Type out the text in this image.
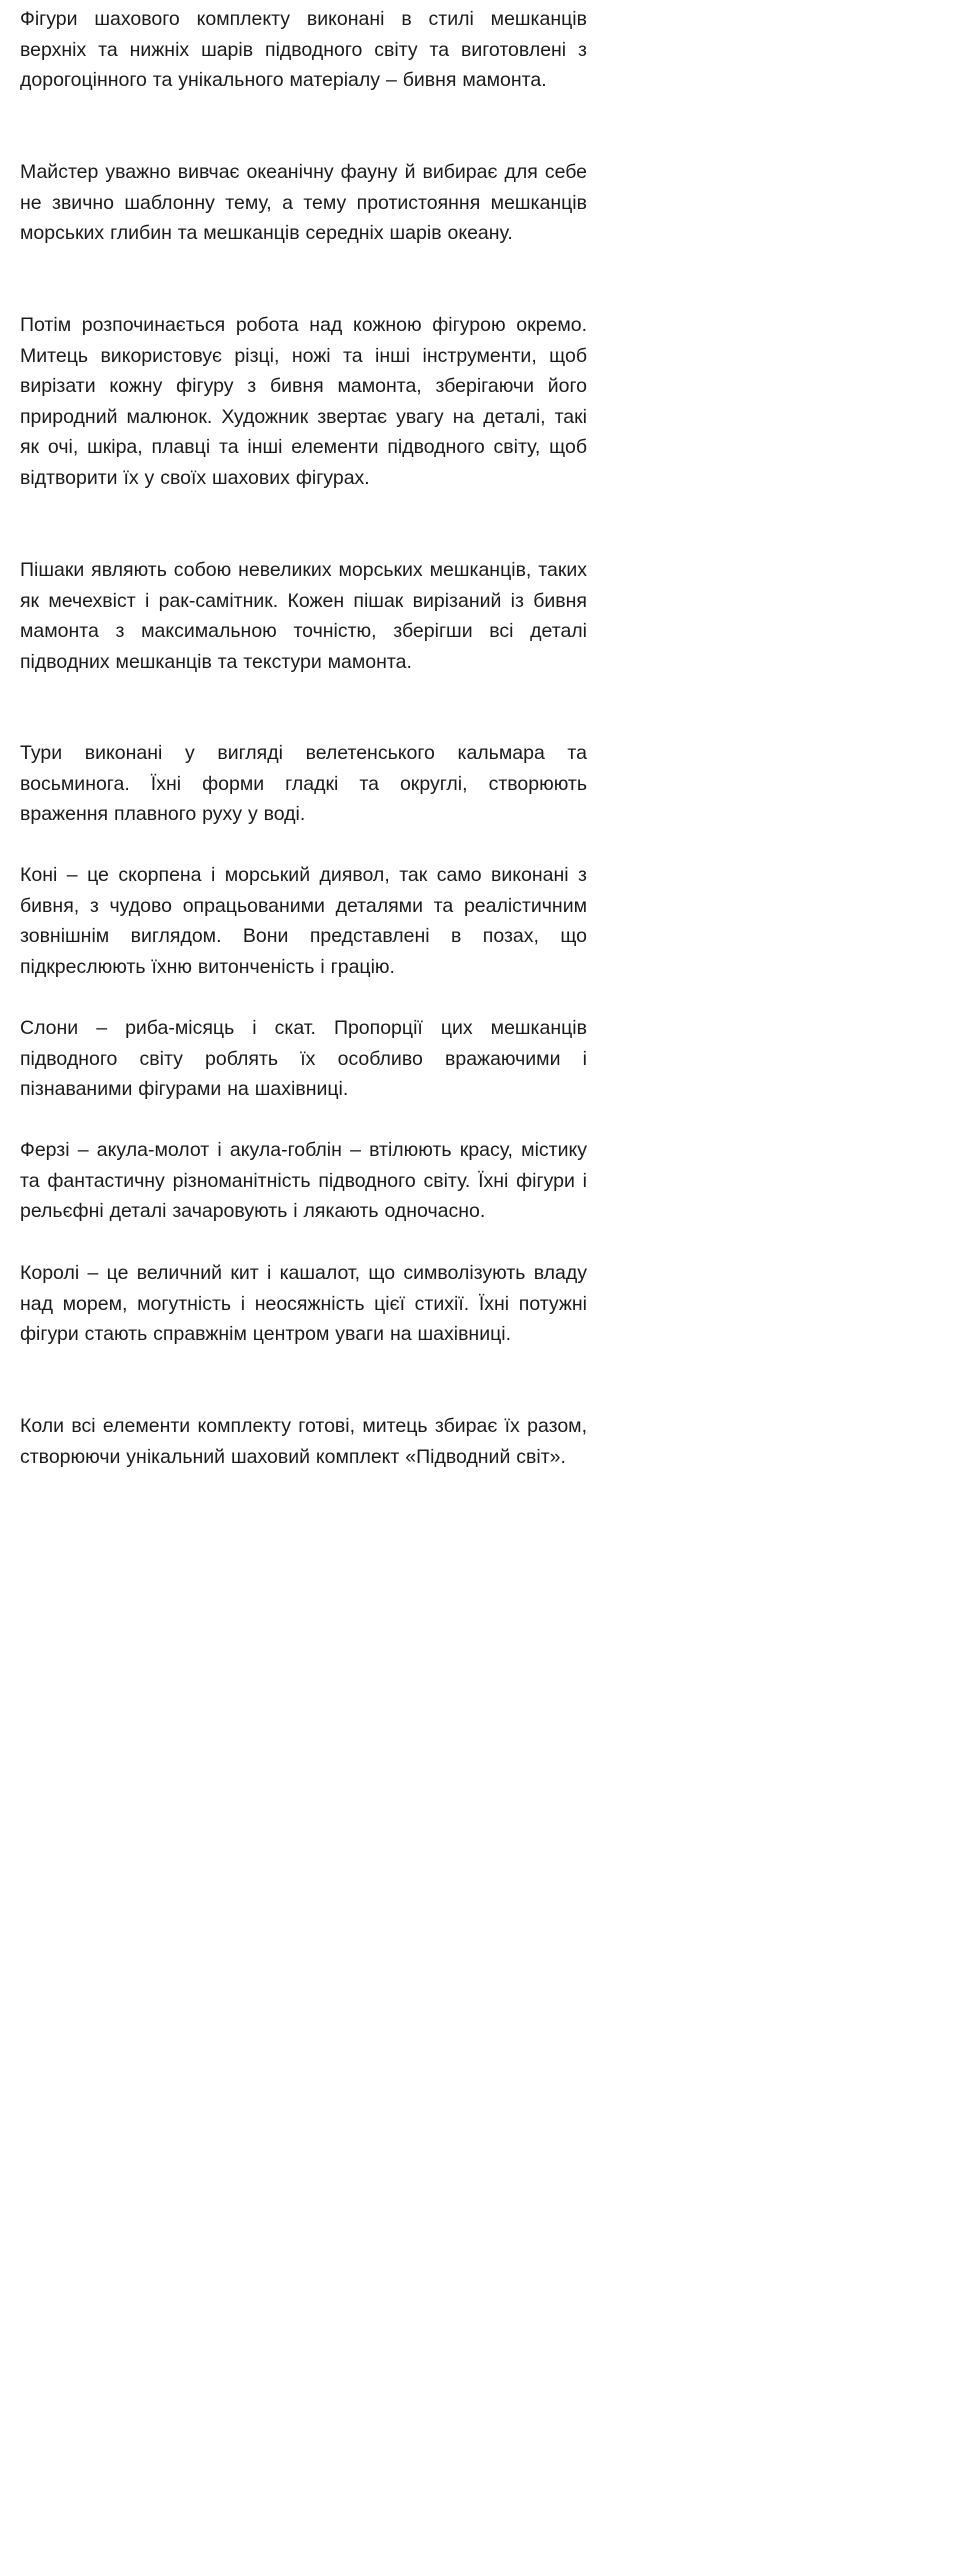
Фігури шахового комплекту виконані в стилі мешканців верхніх та нижніх шарів підводного світу та виготовлені з дорогоцінного та унікального матеріалу – бивня мамонта.

Майстер уважно вивчає океанічну фауну й вибирає для себе не звично шаблонну тему, а тему протистояння мешканців морських глибин та мешканців середніх шарів океану.

Потім розпочинається робота над кожною фігурою окремо. Митець використовує різці, ножі та інші інструменти, щоб вирізати кожну фігуру з бивня мамонта, зберігаючи його природний малюнок. Художник звертає увагу на деталі, такі як очі, шкіра, плавці та інші елементи підводного світу, щоб відтворити їх у своїх шахових фігурах.

Пішаки являють собою невеликих морських мешканців, таких як мечехвіст і рак-самітник. Кожен пішак вирізаний із бивня мамонта з максимальною точністю, зберігши всі деталі підводних мешканців та текстури мамонта.

Тури виконані у вигляді велетенського кальмара та восьминога. Їхні форми гладкі та округлі, створюють враження плавного руху у воді.

Коні – це скорпена і морський диявол, так само виконані з бивня, з чудово опрацьованими деталями та реалістичним зовнішнім виглядом. Вони представлені в позах, що підкреслюють їхню витонченість і грацію.

Слони – риба-місяць і скат. Пропорції цих мешканців підводного світу роблять їх особливо вражаючими і пізнаваними фігурами на шахівниці.

Ферзі – акула-молот і акула-гоблін – втілюють красу, містику та фантастичну різноманітність підводного світу. Їхні фігури і рельєфні деталі зачаровують і лякають одночасно.

Королі – це величний кит і кашалот, що символізують владу над морем, могутність і неосяжність цієї стихії. Їхні потужні фігури стають справжнім центром уваги на шахівниці.

Коли всі елементи комплекту готові, митець збирає їх разом, створюючи унікальний шаховий комплект «Підводний світ».
